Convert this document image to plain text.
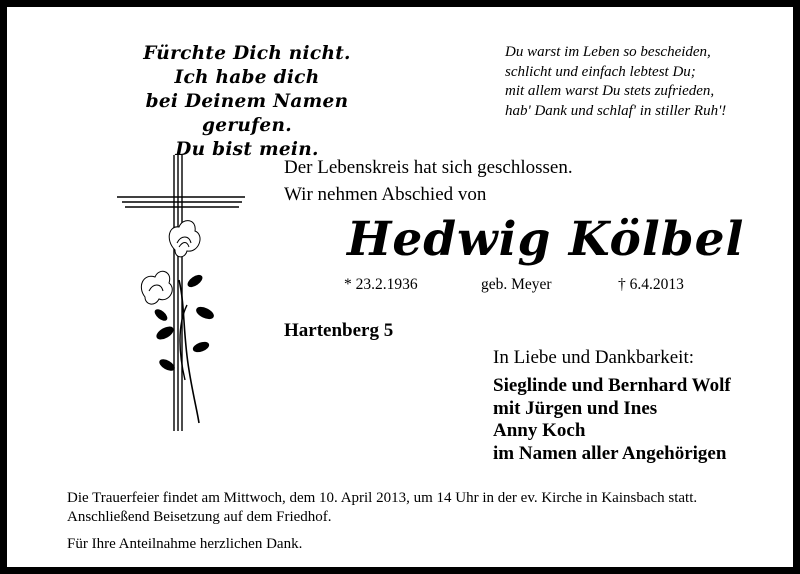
Fürchte Dich nicht.
Ich habe dich
bei Deinem Namen gerufen.
Du bist mein.
Du warst im Leben so bescheiden,
schlicht und einfach lebtest Du;
mit allem warst Du stets zufrieden,
hab' Dank und schlaf' in stiller Ruh'!
Der Lebenskreis hat sich geschlossen.
Wir nehmen Abschied von
Hedwig Kölbel
* 23.2.1936	geb. Meyer	† 6.4.2013
Hartenberg 5
In Liebe und Dankbarkeit:
Sieglinde und Bernhard Wolf
mit Jürgen und Ines
Anny Koch
im Namen aller Angehörigen
Die Trauerfeier findet am Mittwoch, dem 10. April 2013, um 14 Uhr in der ev. Kirche in Kainsbach statt.
Anschließend Beisetzung auf dem Friedhof.
Für Ihre Anteilnahme herzlichen Dank.
